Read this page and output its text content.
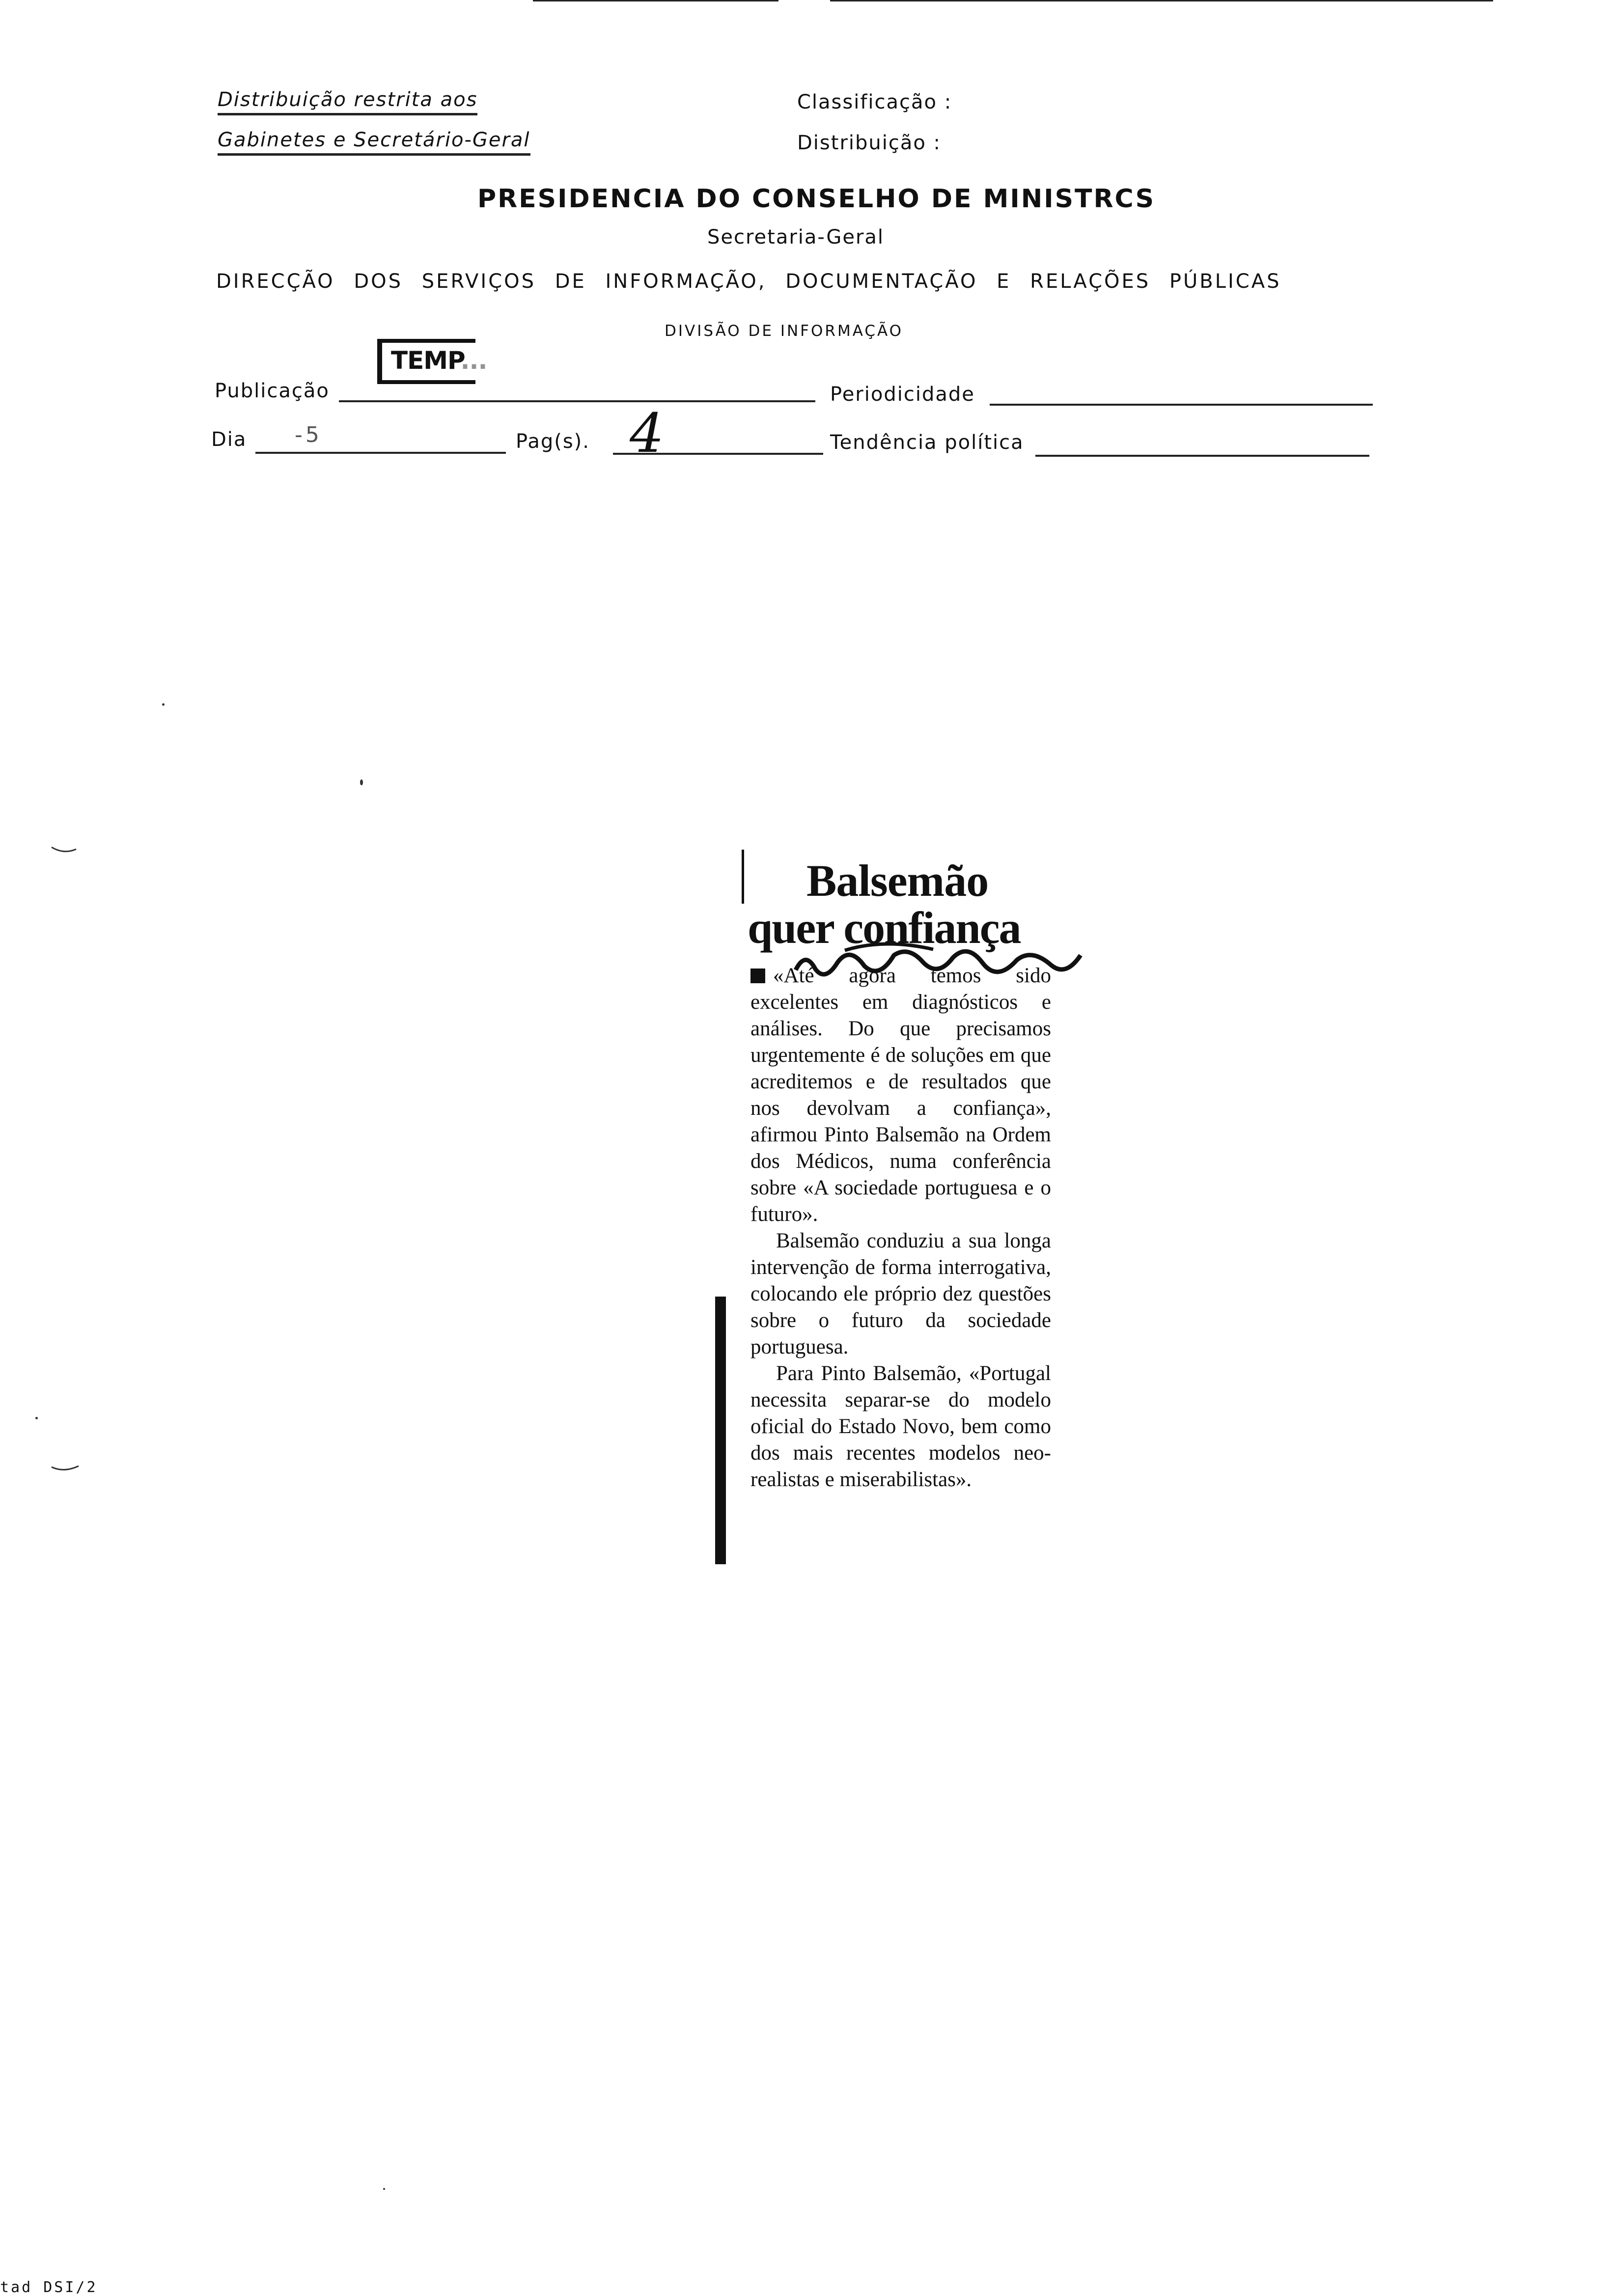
Distribuição restrita aos
Gabinetes e Secretário-Geral
Classificação :
Distribuição :
PRESIDENCIA DO CONSELHO DE MINISTRCS
Secretaria-Geral
DIRECÇÃO DOS SERVIÇOS DE INFORMAÇÃO, DOCUMENTAÇÃO E RELAÇÕES PÚBLICAS
DIVISÃO DE INFORMAÇÃO
Publicação
TEMP...
Periodicidade
Dia -5	Pag(s). 4	Tendência política
Balsemão
quer confiança

«Até agora temos sido excelentes em diagnósticos e análises. Do que precisamos urgentemente é de soluções em que acreditemos e de resultados que nos devolvam a confiança», afirmou Pinto Balsemão na Ordem dos Médicos, numa conferência sobre «A sociedade portuguesa e o futuro».

Balsemão conduziu a sua longa intervenção de forma interrogativa, colocando ele próprio dez questões sobre o futuro da sociedade portuguesa.

Para Pinto Balsemão, «Portugal necessita separar-se do modelo oficial do Estado Novo, bem como dos mais recentes modelos neo-realistas e miserabilistas».

tad DSI/2
